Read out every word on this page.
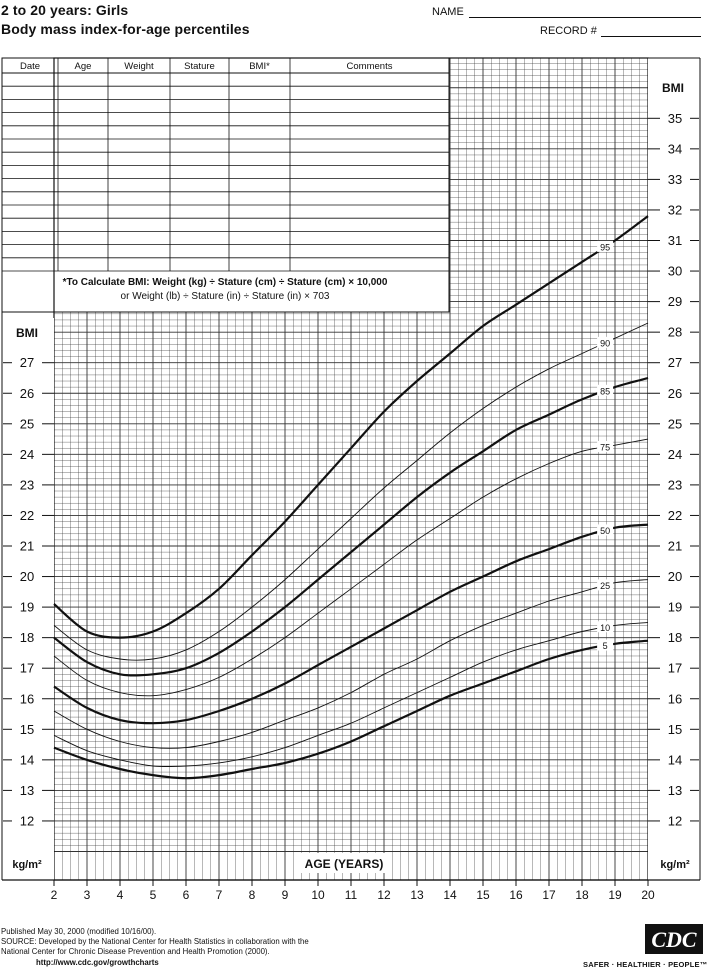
2 to 20 years: Girls
Body mass index-for-age percentiles
NAME
RECORD #
Date	Age	Weight	Stature	BMI*	Comments
*To Calculate BMI: Weight (kg) ÷ Stature (cm) ÷ Stature (cm) × 10,000
or Weight (lb) ÷ Stature (in) ÷ Stature (in) × 703
12
13
14
15
16
17
18
19
20
21
22
23
24
25
26
27
BMI
12
13
14
15
16
17
18
19
20
21
22
23
24
25
26
27
28
29
30
31
32
33
34
35
BMI
kg/m²	kg/m²
AGE (YEARS)
2 3 4 5 6 7 8 9 10 11 12 13 14 15 16 17 18 19 20
95
90
85
75
50
25
10
5
Published May 30, 2000 (modified 10/16/00).
SOURCE: Developed by the National Center for Health Statistics in collaboration with the National Center for Chronic Disease Prevention and Health Promotion (2000).
http://www.cdc.gov/growthcharts
CDC
SAFER · HEALTHIER · PEOPLE™
